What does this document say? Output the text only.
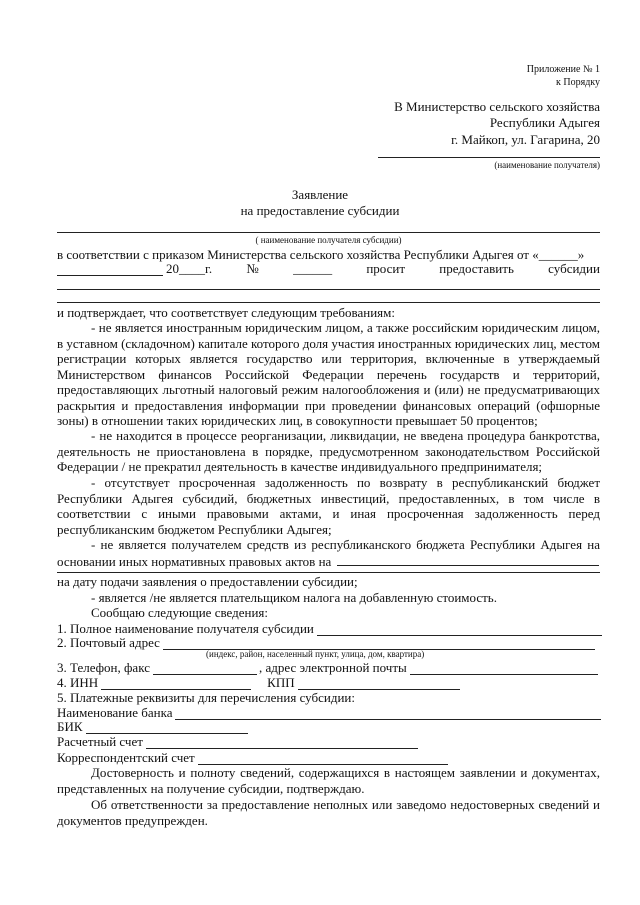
Приложение № 1
к Порядку
В Министерство сельского хозяйства
Республики Адыгея
г. Майкоп, ул. Гагарина, 20
(наименование получателя)
Заявление
на предоставление субсидии
( наименование получателя субсидии)
в соответствии с приказом Министерства сельского хозяйства Республики Адыгея от «______»
20____г.	№	______	просит	предоставить	субсидии
и подтверждает, что соответствует следующим требованиям:
- не является иностранным юридическим лицом, а также российским юридическим лицом, в уставном (складочном) капитале которого доля участия иностранных юридических лиц, местом регистрации которых является государство или территория, включенные в утверждаемый Министерством финансов Российской Федерации перечень государств и территорий, предоставляющих льготный налоговый режим налогообложения и (или) не предусматривающих раскрытия и предоставления информации при проведении финансовых операций (офшорные зоны) в отношении таких юридических лиц, в совокупности превышает 50 процентов;
- не находится в процессе реорганизации, ликвидации, не введена процедура банкротства, деятельность не приостановлена в порядке, предусмотренном законодательством Российской Федерации / не прекратил деятельность в качестве индивидуального предпринимателя;
- отсутствует просроченная задолженность по возврату в республиканский бюджет Республики Адыгея субсидий, бюджетных инвестиций, предоставленных, в том числе в соответствии с иными правовыми актами, и иная просроченная задолженность перед республиканским бюджетом Республики Адыгея;
- не является получателем средств из республиканского бюджета Республики Адыгея на основании иных нормативных правовых актов на
на дату подачи заявления о предоставлении субсидии;
- является /не является плательщиком налога на добавленную стоимость.
Сообщаю следующие сведения:
1. Полное наименование получателя субсидии
2. Почтовый адрес
(индекс, район, населенный пункт, улица, дом, квартира)
3. Телефон, факс	, адрес электронной почты
4. ИНН	КПП
5. Платежные реквизиты для перечисления субсидии:
Наименование банка
БИК
Расчетный счет
Корреспондентский счет
Достоверность и полноту сведений, содержащихся в настоящем заявлении и документах, представленных на получение субсидии, подтверждаю.
Об ответственности за предоставление неполных или заведомо недостоверных сведений и документов предупрежден.
